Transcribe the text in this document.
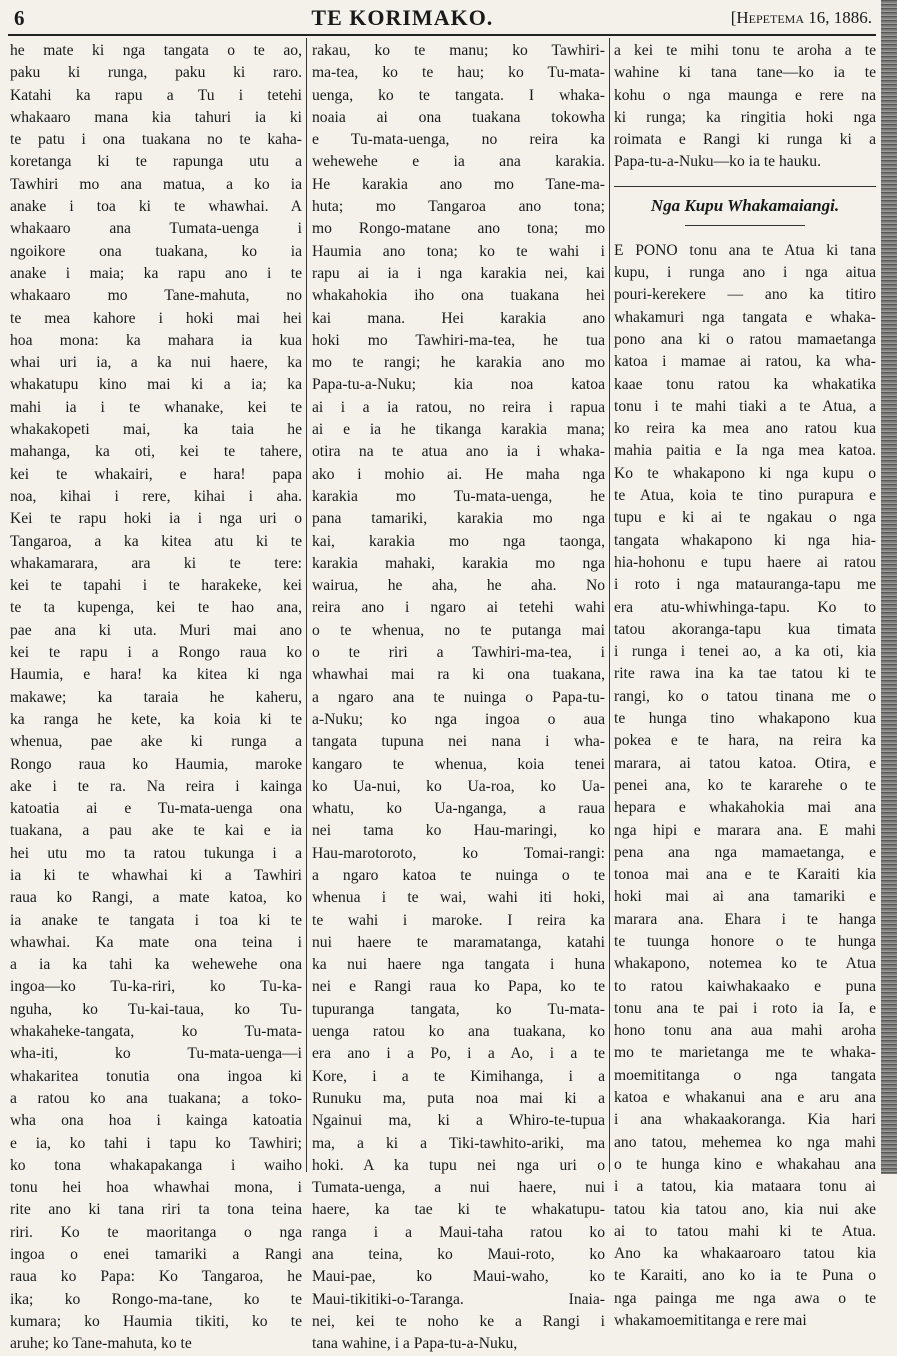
6	TE KORIMAKO.	[Hepetema 16, 1886.
he mate ki nga tangata o te ao,
paku ki runga, paku ki raro.
Katahi ka rapu a Tu i tetehi
whakaaro mana kia tahuri ia ki
te patu i ona tuakana no te kaha-
koretanga ki te rapunga utu a
Tawhiri mo ana matua, a ko ia
anake i toa ki te whawhai. A
whakaaro ana Tumata-uenga i
ngoikore ona tuakana, ko ia
anake i maia; ka rapu ano i te
whakaaro mo Tane-mahuta, no
te mea kahore i hoki mai hei
hoa mona: ka mahara ia kua
whai uri ia, a ka nui haere, ka
whakatupu kino mai ki a ia; ka
mahi ia i te whanake, kei te
whakakopeti mai, ka taia he
mahanga, ka oti, kei te tahere,
kei te whakairi, e hara! papa
noa, kihai i rere, kihai i aha.
Kei te rapu hoki ia i nga uri o
Tangaroa, a ka kitea atu ki te
whakamarara, ara ki te tere:
kei te tapahi i te harakeke, kei
te ta kupenga, kei te hao ana,
pae ana ki uta. Muri mai ano
kei te rapu i a Rongo raua ko
Haumia, e hara! ka kitea ki nga
makawe; ka taraia he kaheru,
ka ranga he kete, ka koia ki te
whenua, pae ake ki runga a
Rongo raua ko Haumia, maroke
ake i te ra. Na reira i kainga
katoatia ai e Tu-mata-uenga ona
tuakana, a pau ake te kai e ia
hei utu mo ta ratou tukunga i a
ia ki te whawhai ki a Tawhiri
raua ko Rangi, a mate katoa, ko
ia anake te tangata i toa ki te
whawhai. Ka mate ona teina i
a ia ka tahi ka wehewehe ona
ingoa—ko Tu-ka-riri, ko Tu-ka-
nguha, ko Tu-kai-taua, ko Tu-
whakaheke-tangata, ko Tu-mata-
wha-iti, ko Tu-mata-uenga—i
whakaritea tonutia ona ingoa ki
a ratou ko ana tuakana; a toko-
wha ona hoa i kainga katoatia
e ia, ko tahi i tapu ko Tawhiri;
ko tona whakapakanga i waiho
tonu hei hoa whawhai mona, i
rite ano ki tana riri ta tona teina
riri. Ko te maoritanga o nga
ingoa o enei tamariki a Rangi
raua ko Papa: Ko Tangaroa, he
ika; ko Rongo-ma-tane, ko te
kumara; ko Haumia tikiti, ko te
aruhe; ko Tane-mahuta, ko te
rakau, ko te manu; ko Tawhiri-
ma-tea, ko te hau; ko Tu-mata-
uenga, ko te tangata. I whaka-
noaia ai ona tuakana tokowha
e Tu-mata-uenga, no reira ka
wehewehe e ia ana karakia.
He karakia ano mo Tane-ma-
huta; mo Tangaroa ano tona;
mo Rongo-matane ano tona; mo
Haumia ano tona; ko te wahi i
rapu ai ia i nga karakia nei, kai
whakahokia iho ona tuakana hei
kai mana. Hei karakia ano
hoki mo Tawhiri-ma-tea, he tua
mo te rangi; he karakia ano mo
Papa-tu-a-Nuku; kia noa katoa
ai i a ia ratou, no reira i rapua
ai e ia he tikanga karakia mana;
otira na te atua ano ia i whaka-
ako i mohio ai. He maha nga
karakia mo Tu-mata-uenga, he
pana tamariki, karakia mo nga
kai, karakia mo nga taonga,
karakia mahaki, karakia mo nga
wairua, he aha, he aha. No
reira ano i ngaro ai tetehi wahi
o te whenua, no te putanga mai
o te riri a Tawhiri-ma-tea, i
whawhai mai ra ki ona tuakana,
a ngaro ana te nuinga o Papa-tu-
a-Nuku; ko nga ingoa o aua
tangata tupuna nei nana i wha-
kangaro te whenua, koia tenei
ko Ua-nui, ko Ua-roa, ko Ua-
whatu, ko Ua-nganga, a raua
nei tama ko Hau-maringi, ko
Hau-marotoroto, ko Tomai-rangi:
a ngaro katoa te nuinga o te
whenua i te wai, wahi iti hoki,
te wahi i maroke. I reira ka
nui haere te maramatanga, katahi
ka nui haere nga tangata i huna
nei e Rangi raua ko Papa, ko te
tupuranga tangata, ko Tu-mata-
uenga ratou ko ana tuakana, ko
era ano i a Po, i a Ao, i a te
Kore, i a te Kimihanga, i a
Runuku ma, puta noa mai ki a
Ngainui ma, ki a Whiro-te-tupua
ma, a ki a Tiki-tawhito-ariki, ma
hoki. A ka tupu nei nga uri o
Tumata-uenga, a nui haere, nui
haere, ka tae ki te whakatupu-
ranga i a Maui-taha ratou ko
ana teina, ko Maui-roto, ko
Maui-pae, ko Maui-waho, ko
Maui-tikitiki-o-Taranga. Inaia-
nei, kei te noho ke a Rangi i
tana wahine, i a Papa-tu-a-Nuku,
a kei te mihi tonu te aroha a te
wahine ki tana tane—ko ia te
kohu o nga maunga e rere na
ki runga; ka ringitia hoki nga
roimata e Rangi ki runga ki a
Papa-tu-a-Nuku—ko ia te hauku.
Nga Kupu Whakamaiangi.
E PONO tonu ana te Atua ki tana
kupu, i runga ano i nga aitua
pouri-kerekere — ano ka titiro
whakamuri nga tangata e whaka-
pono ana ki o ratou mamaetanga
katoa i mamae ai ratou, ka wha-
kaae tonu ratou ka whakatika
tonu i te mahi tiaki a te Atua, a
ko reira ka mea ano ratou kua
mahia paitia e Ia nga mea katoa.
Ko te whakapono ki nga kupu o
te Atua, koia te tino purapura e
tupu e ki ai te ngakau o nga
tangata whakapono ki nga hia-
hia-hohonu e tupu haere ai ratou
i roto i nga matauranga-tapu me
era atu-whiwhinga-tapu. Ko to
tatou akoranga-tapu kua timata
i runga i tenei ao, a ka oti, kia
rite rawa ina ka tae tatou ki te
rangi, ko o tatou tinana me o
te hunga tino whakapono kua
pokea e te hara, na reira ka
marara, ai tatou katoa. Otira, e
penei ana, ko te kararehe o te
hepara e whakahokia mai ana
nga hipi e marara ana. E mahi
pena ana nga mamaetanga, e
tonoa mai ana e te Karaiti kia
hoki mai ai ana tamariki e
marara ana. Ehara i te hanga
te tuunga honore o te hunga
whakapono, notemea ko te Atua
to ratou kaiwhakaako e puna
tonu ana te pai i roto ia Ia, e
hono tonu ana aua mahi aroha
mo te marietanga me te whaka-
moemititanga o nga tangata
katoa e whakanui ana e aru ana
i ana whakaakoranga. Kia hari
ano tatou, mehemea ko nga mahi
o te hunga kino e whakahau ana
i a tatou, kia mataara tonu ai
tatou kia tatou ano, kia nui ake
ai to tatou mahi ki te Atua.
Ano ka whakaaroaro tatou kia
te Karaiti, ano ko ia te Puna o
nga painga me nga awa o te
whakamoemititanga e rere mai
